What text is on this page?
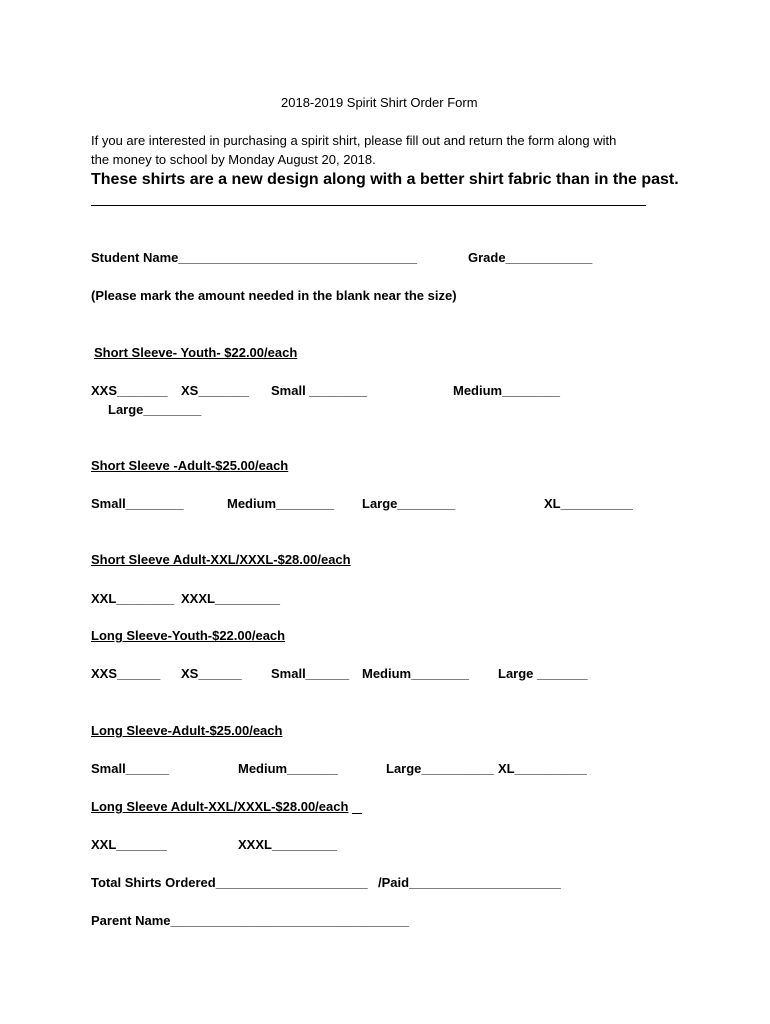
2018-2019 Spirit Shirt Order Form
If you are interested in purchasing a spirit shirt, please fill out and return the form along with
the money to school by Monday August 20, 2018.
These shirts are a new design along with a better shirt fabric than in the past.
Student Name_________________________________	Grade____________
(Please mark the amount needed in the blank near the size)
Short Sleeve- Youth- $22.00/each
XXS_______ XS_______ Small ________	Medium________
Large________
Short Sleeve -Adult-$25.00/each
Small________	Medium________ Large________	XL__________
Short Sleeve Adult-XXL/XXXL-$28.00/each
XXL________ XXXL_________
Long Sleeve-Youth-$22.00/each
XXS______ XS______ Small______ Medium________ Large _______
Long Sleeve-Adult-$25.00/each
Small______	Medium_______	Large__________ XL__________
Long Sleeve Adult-XXL/XXXL-$28.00/each
XXL_______	XXXL_________
Total Shirts Ordered_____________________ /Paid_____________________
Parent Name_________________________________
